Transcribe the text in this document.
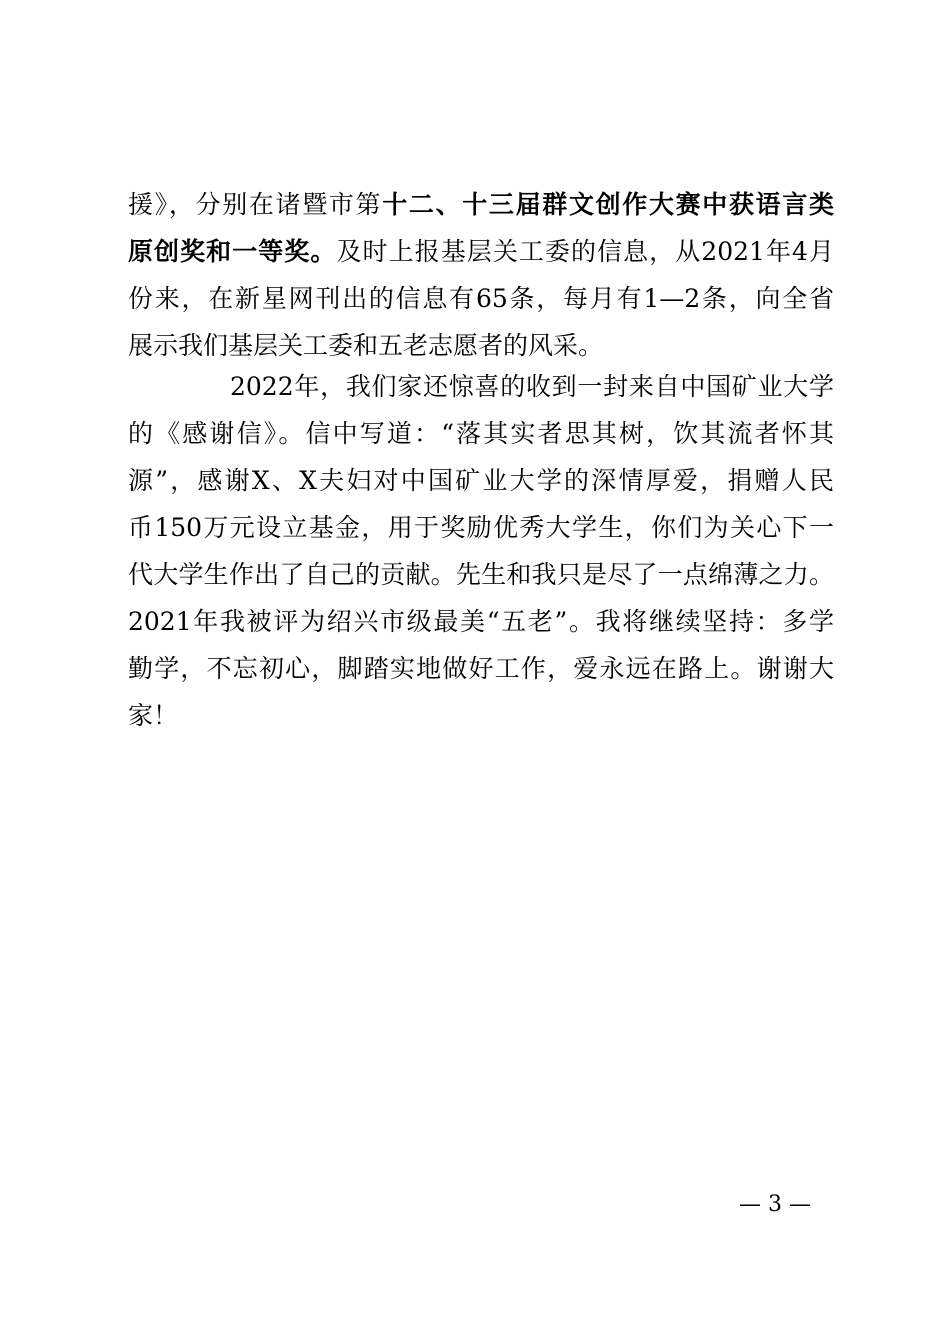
援》，分别在诸暨市第十二、十三届群文创作大赛中获语言类
原创奖和一等奖。及时上报基层关工委的信息，从2021年4月
份来，在新星网刊出的信息有65条，每月有1—2条，向全省
展示我们基层关工委和五老志愿者的风采。
2022年，我们家还惊喜的收到一封来自中国矿业大学
的《感谢信》。信中写道：“落其实者思其树，饮其流者怀其
源”，感谢X、X夫妇对中国矿业大学的深情厚爱，捐赠人民
币150万元设立基金，用于奖励优秀大学生，你们为关心下一
代大学生作出了自己的贡献。先生和我只是尽了一点绵薄之力。
2021年我被评为绍兴市级最美“五老”。我将继续坚持：多学
勤学，不忘初心，脚踏实地做好工作，爱永远在路上。谢谢大
家！
— 3 —
